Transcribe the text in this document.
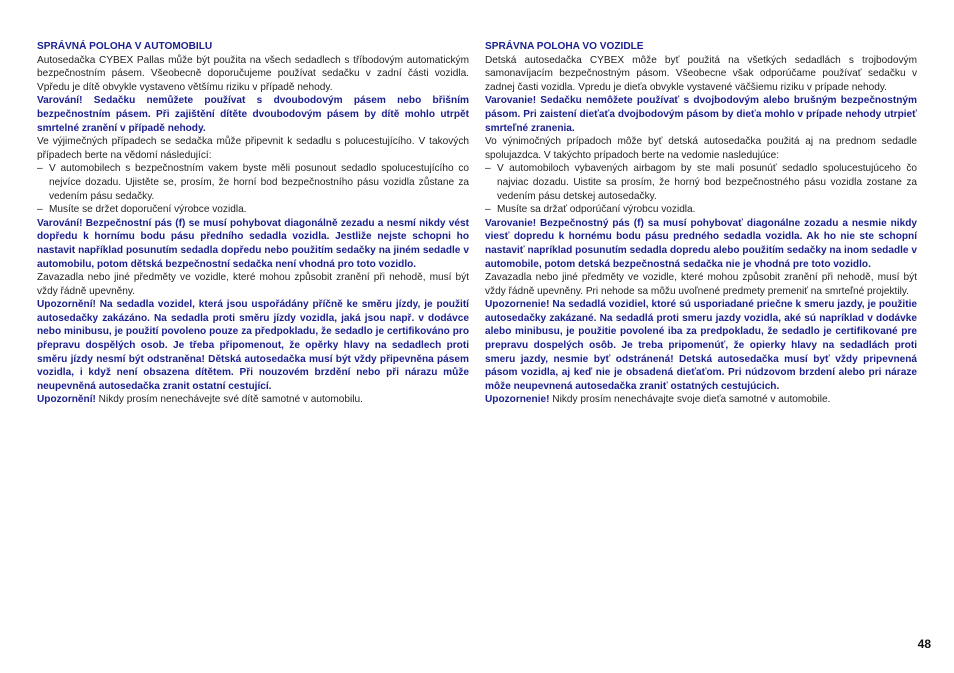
SPRÁVNÁ POLOHA V AUTOMOBILU

Autosedačka CYBEX Pallas může být použita na všech sedadlech s tříbodovým automatickým bezpečnostním pásem. Všeobecně doporučujeme používat sedačku v zadní části vozidla. Vpředu je dítě obvykle vystaveno většímu riziku v případě nehody.

Varování! Sedačku nemůžete používat s dvoubodovým pásem nebo břišním bezpečnostním pásem. Při zajištění dítěte dvoubodovým pásem by dítě mohlo utrpět smrtelné zranění v případě nehody.

Ve výjimečných případech se sedačka může připevnit k sedadlu s polucestujícího. V takových případech berte na vědomí následující:

– V automobilech s bezpečnostním vakem byste měli posunout sedadlo spolucestujícího co nejvíce dozadu. Ujistěte se, prosím, že horní bod bezpečnostního pásu vozidla zůstane za vedením pásu sedačky.
– Musíte se držet doporučení výrobce vozidla.

Varování! Bezpečnostní pás (f) se musí pohybovat diagonálně zezadu a nesmí nikdy vést dopředu k hornímu bodu pásu předního sedadla vozidla. Jestliže nejste schopni ho nastavit například posunutím sedadla dopředu nebo použitím sedačky na jiném sedadle v automobilu, potom dětská bezpečnostní sedačka není vhodná pro toto vozidlo.

Zavazadla nebo jiné předměty ve vozidle, které mohou způsobit zranění při nehodě, musí být vždy řádně upevněny.

Upozornění! Na sedadla vozidel, která jsou uspořádány příčně ke směru jízdy, je použití autosedačky zakázáno. Na sedadla proti směru jízdy vozidla, jaká jsou např. v dodávce nebo minibusu, je použití povoleno pouze za předpokladu, že sedadlo je certifikováno pro přepravu dospělých osob. Je třeba připomenout, že opěrky hlavy na sedadlech proti směru jízdy nesmí být odstraněna! Dětská autosedačka musí být vždy připevněna pásem vozidla, i když není obsazena dítětem. Při nouzovém brzdění nebo při nárazu může neupevněná autosedačka zranit ostatní cestující.

Upozornění! Nikdy prosím nenechávejte své dítě samotné v automobilu.

SPRÁVNA POLOHA VO VOZIDLE

Detská autosedačka CYBEX môže byť použitá na všetkých sedadlách s trojbodovým samonavíjacím bezpečnostným pásom. Všeobecne však odporúčame používať sedačku v zadnej časti vozidla. Vpredu je dieťa obvykle vystavené väčšiemu riziku v prípade nehody.

Varovanie! Sedačku nemôžete používať s dvojbodovým alebo brušným bezpečnostným pásom. Pri zaistení dieťaťa dvojbodovým pásom by dieťa mohlo v prípade nehody utrpieť smrteľné zranenia.

Vo výnimočných prípadoch môže byť detská autosedačka použitá aj na prednom sedadle spolujazdca. V takýchto prípadoch berte na vedomie nasledujúce:

– V automobiloch vybavených airbagom by ste mali posunúť sedadlo spolucestujúceho čo najviac dozadu. Uistite sa prosím, že horný bod bezpečnostného pásu vozidla zostane za vedením pásu detskej autosedačky.
– Musíte sa držať odporúčaní výrobcu vozidla.

Varovanie! Bezpečnostný pás (f) sa musí pohybovať diagonálne zozadu a nesmie nikdy viesť dopredu k hornému bodu pásu predného sedadla vozidla. Ak ho nie ste schopní nastaviť napríklad posunutím sedadla dopredu alebo použitím sedačky na inom sedadle v automobile, potom detská bezpečnostná sedačka nie je vhodná pre toto vozidlo.

Zavazadla nebo jiné předměty ve vozidle, které mohou způsobit zranění při nehodě, musí být vždy řádně upevněny. Pri nehode sa môžu uvoľnené predmety premeniť na smrteľné projektily.

Upozornenie! Na sedadlá vozidiel, ktoré sú usporiadané priečne k smeru jazdy, je použitie autosedačky zakázané. Na sedadlá proti smeru jazdy vozidla, aké sú napríklad v dodávke alebo minibusu, je použitie povolené iba za predpokladu, že sedadlo je certifikované pre prepravu dospelých osôb. Je treba pripomenúť, že opierky hlavy na sedadlách proti smeru jazdy, nesmie byť odstránená! Detská autosedačka musí byť vždy pripevnená pásom vozidla, aj keď nie je obsadená dieťaťom. Pri núdzovom brzdení alebo pri náraze môže neupevnená autosedačka zraniť ostatných cestujúcich.

Upozornenie! Nikdy prosím nenechávajte svoje dieťa samotné v automobile.

48
